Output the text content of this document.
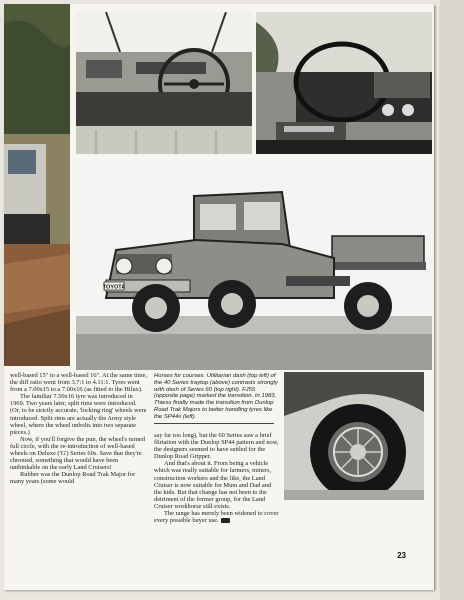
TOYOTA

well-based 15" to a well-based 16". At the same time, the diff ratio went from 3.7:1 to 4.11:1. Tyres went from a 7.00x15 to a 7.00x16 (as fitted to the Hilux).

The familiar 7.50x16 tyre was introduced in 1969. Two years later, split rims were introduced. (Or, to be strictly accurate, 'locking ring' wheels were introduced. Split rims are actually the Army style wheel, where the wheel unbolts into two separate pieces.)

Now, if you'll forgive the pun, the wheel's turned full circle, with the re-introduction of well-based wheels on Deluxe ('G') Series 60s. Save that they're chromed, something that would have been unthinkable on the early Land Cruisers!

Rubber was the Dunlop Road Trak Major for many years (some would

Horses for courses. Utilitarian dash (top left) of the 40 Series traytop (above) contrasts strongly with dash of Series 60 (top right). FJ55 (opposite page) marked the transition. In 1983, Thiess finally made the transition from Dunlop Road Trak Majors to better handling tyres like the SP44s (left).

say far too long), but the 60 Series saw a brief flirtation with the Dunlop SP44 pattern and now, the designers seemed to have settled for the Dunlop Road Gripper.

And that's about it. From being a vehicle which was really suitable for farmers, miners, construction workers and the like, the Land Cruiser is now suitable for Mum and Dad and the kids. But that change has not been to the detriment of the former group, for the Land Cruiser workhorse still exists.

The range has merely been widened to cover every possible buyer use.

23
